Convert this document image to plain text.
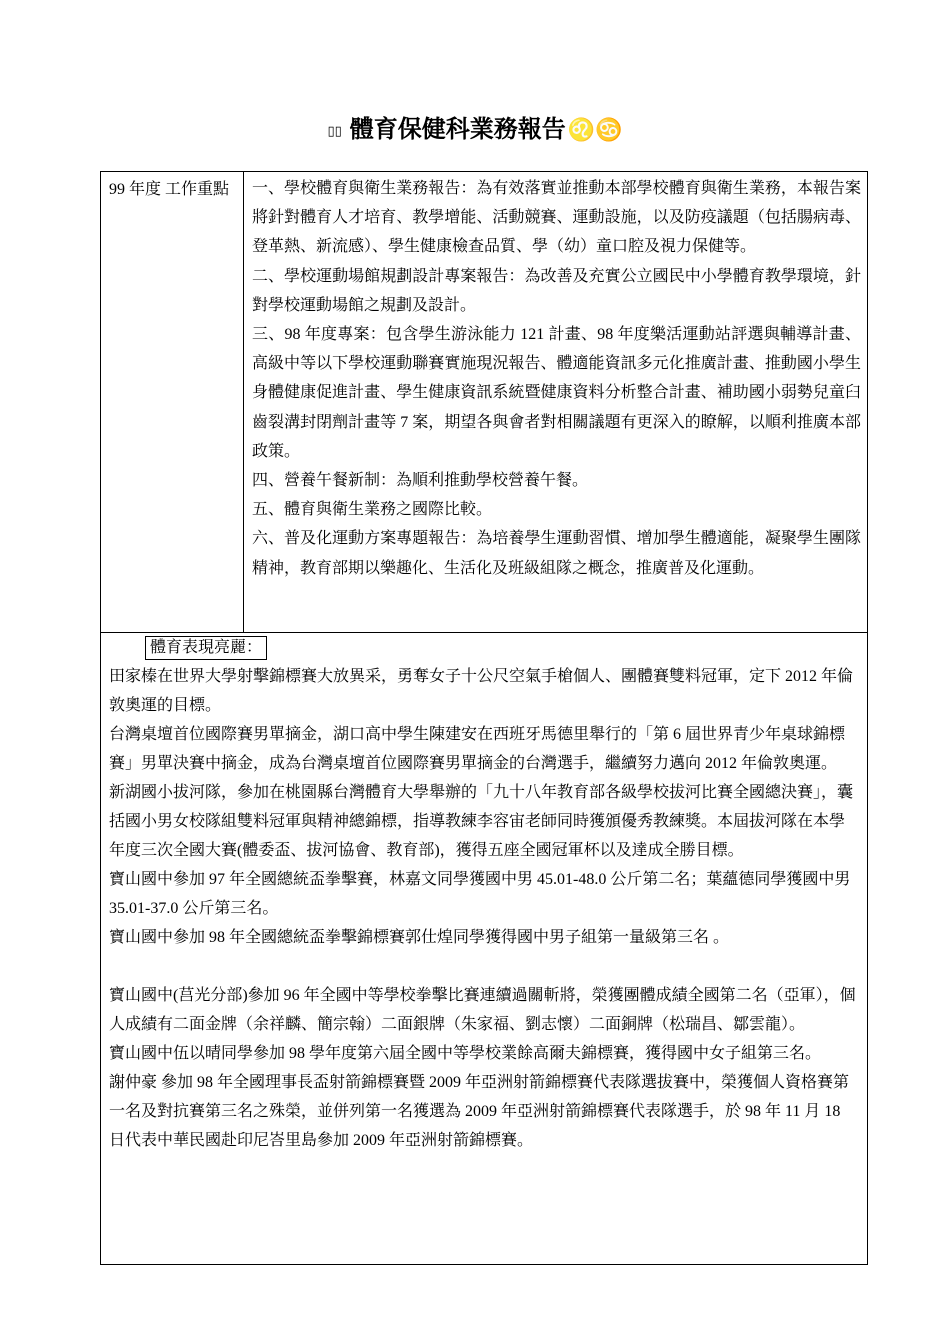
▯▯ 體育保健科業務報告♌♋
99 年度 工作重點	一、學校體育與衛生業務報告：為有效落實並推動本部學校體育與衛生業務，本報告案將針對體育人才培育、教學增能、活動競賽、運動設施，以及防疫議題（包括腸病毒、登革熱、新流感）、學生健康檢查品質、學（幼）童口腔及視力保健等。

二、學校運動場館規劃設計專案報告：為改善及充實公立國民中小學體育教學環境，針對學校運動場館之規劃及設計。

三、98 年度專案：包含學生游泳能力 121 計畫、98 年度樂活運動站評選與輔導計畫、高級中等以下學校運動聯賽實施現況報告、體適能資訊多元化推廣計畫、推動國小學生身體健康促進計畫、學生健康資訊系統暨健康資料分析整合計畫、補助國小弱勢兒童臼齒裂溝封閉劑計畫等 7 案，期望各與會者對相關議題有更深入的瞭解，以順利推廣本部政策。

四、營養午餐新制：為順利推動學校營養午餐。

五、體育與衛生業務之國際比較。

六、普及化運動方案專題報告：為培養學生運動習慣、增加學生體適能，凝聚學生團隊精神，教育部期以樂趣化、生活化及班級組隊之概念，推廣普及化運動。

體育表現亮麗：

田家榛在世界大學射擊錦標賽大放異采，勇奪女子十公尺空氣手槍個人、團體賽雙料冠軍，定下 2012 年倫敦奧運的目標。

台灣桌壇首位國際賽男單摘金，湖口高中學生陳建安在西班牙馬德里舉行的「第 6 屆世界青少年桌球錦標賽」男單決賽中摘金，成為台灣桌壇首位國際賽男單摘金的台灣選手，繼續努力邁向 2012 年倫敦奧運。

新湖國小拔河隊，參加在桃園縣台灣體育大學舉辦的「九十八年教育部各級學校拔河比賽全國總決賽」，囊括國小男女校隊組雙料冠軍與精神總錦標，指導教練李容宙老師同時獲頒優秀教練獎。本屆拔河隊在本學年度三次全國大賽(體委盃、拔河協會、教育部)，獲得五座全國冠軍杯以及達成全勝目標。

寶山國中參加 97 年全國總統盃拳擊賽，林嘉文同學獲國中男 45.01-48.0 公斤第二名；葉蘊德同學獲國中男 35.01-37.0 公斤第三名。

寶山國中參加 98 年全國總統盃拳擊錦標賽郭仕煌同學獲得國中男子組第一量級第三名 。

寶山國中(莒光分部)參加 96 年全國中等學校拳擊比賽連續過關斬將，榮獲團體成績全國第二名（亞軍），個人成績有二面金牌（余祥麟、簡宗翰）二面銀牌（朱家福、劉志懷）二面銅牌（松瑞昌、鄒雲龍）。

寶山國中伍以晴同學參加 98 學年度第六屆全國中等學校業餘高爾夫錦標賽，獲得國中女子組第三名。

謝仲豪 參加 98 年全國理事長盃射箭錦標賽暨 2009 年亞洲射箭錦標賽代表隊選拔賽中，榮獲個人資格賽第一名及對抗賽第三名之殊榮，並併列第一名獲選為 2009 年亞洲射箭錦標賽代表隊選手，於 98 年 11 月 18 日代表中華民國赴印尼峇里島參加 2009 年亞洲射箭錦標賽。
